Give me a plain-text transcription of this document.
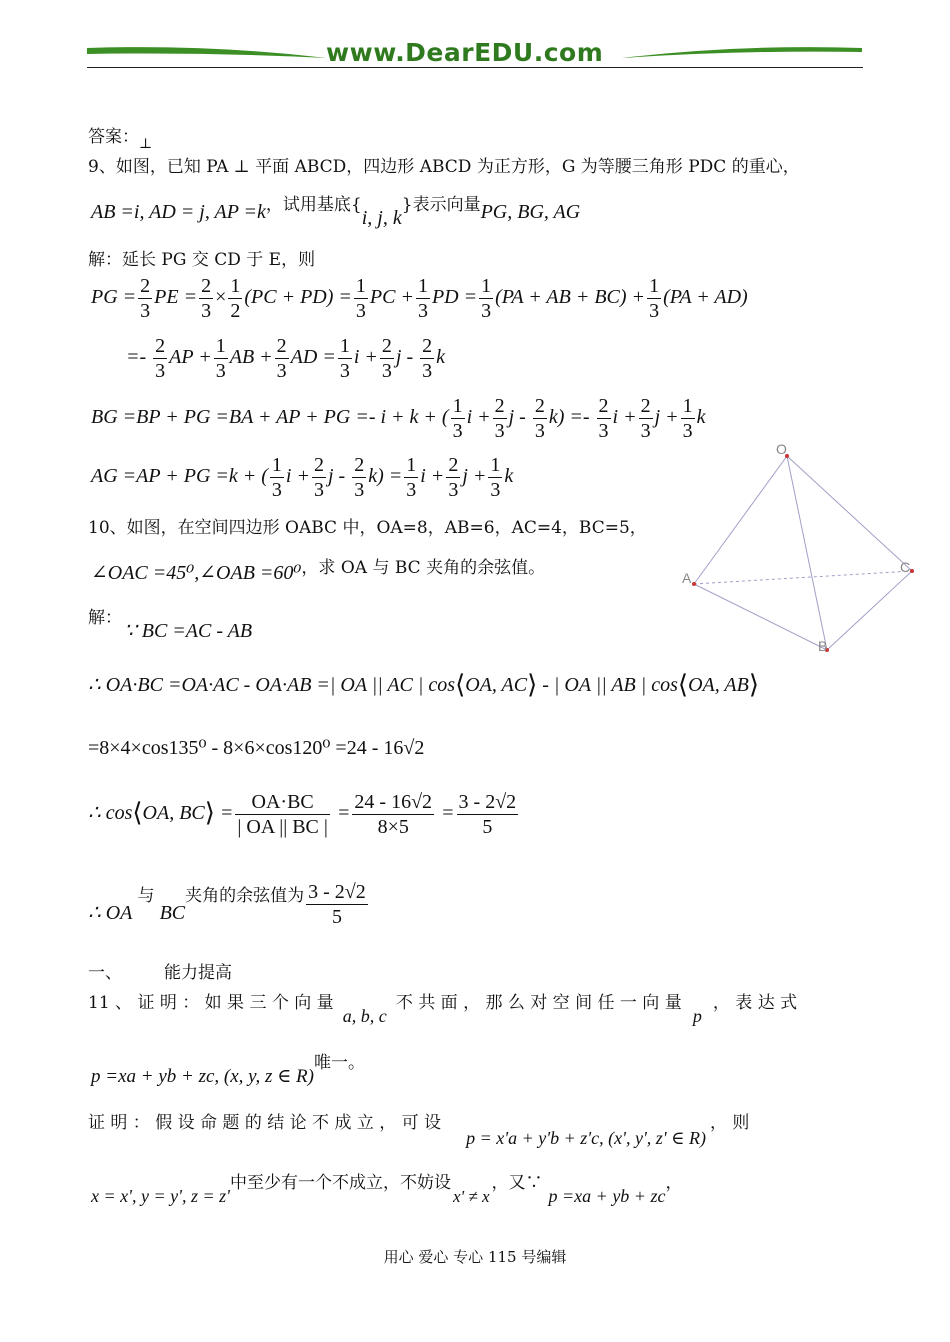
www.DearEDU.com
答案：$_\perp$
9、如图，已知 PA ⊥ 平面 ABCD，四边形 ABCD 为正方形，G 为等腰三角形 PDC 的重心，
AB =i, AD = j, AP =k，试用基底{i, j, k}表示向量PG, BG, AG
解：延长 PG 交 CD 于 E，则
PG = $\frac{2}{3}$ PE = $\frac{2}{3} \times \frac{1}{2} (PC + PD) = \frac{1}{3}$ PC + $\frac{1}{3}$ PD = $\frac{1}{3} (PA$ + AB + $BC) + \frac{1}{3} (PA + AD)$
=- $\frac{2}{3}$ AP + $\frac{1}{3}$ AB + $\frac{2}{3}$ AD = $\frac{1}{3}$ $i + \frac{2}{3}$ j - $\frac{2}{3}$ k
BG =BP + PG =BA + AP + PG =- i + k + ( $\frac{1}{3}$ $i + \frac{2}{3}$ $j - \frac{2}{3} k) =- \frac{2}{3}$ $i + \frac{2}{3}$ $j + \frac{1}{3}$ k
AG =AP + PG =k + ( $\frac{1}{3}$ $i + \frac{2}{3}$ $j - \frac{2}{3} k) = \frac{1}{3}$ $i + \frac{2}{3}$ $j + \frac{1}{3}$ k
O
A
C
B
10、如图，在空间四边形 OABC 中，OA=8，AB=6，AC=4，BC=5，
∠OAC =45⁰,∠OAB =60⁰，求 OA 与 BC 夹角的余弦值。
解：
∵ BC =AC - AB
∴ OA·BC =OA·AC - OA·AB =| OA || AC | cos⟨OA, AC⟩ - | OA || AB | cos⟨OA, AB⟩
=8×4×cos135⁰ - 8×6×cos120⁰ =24 - 16√2
∴ cos⟨OA, BC⟩ = $\frac{OA\cdot BC}{| OA || BC |} = \frac{24 - 16√2}{8\times 5} = \frac{3 - 2√2}{5}$
∴ OA 与 BC夹角的余弦值为 $\frac{3 - 2√2}{5}$
一、 能力提高
11 、 证 明 ： 如 果 三 个 向 量 a, b, c 不 共 面 ， 那 么 对 空 间 任 一 向 量 p ， 表 达 式
p =xa + yb + zc, (x, y, z ∈ R)唯一。
证 明 ： 假 设 命 题 的 结 论 不 成 立 ， 可 设 p = x'a + y'b + z'c, (x', y', z' ∈ R)， 则
x = x', y = y', z = z'中至少有一个不成立，不妨设x' ≠ x，又∵p =xa + yb + zc，
用心 爱心 专心 115 号编辑
